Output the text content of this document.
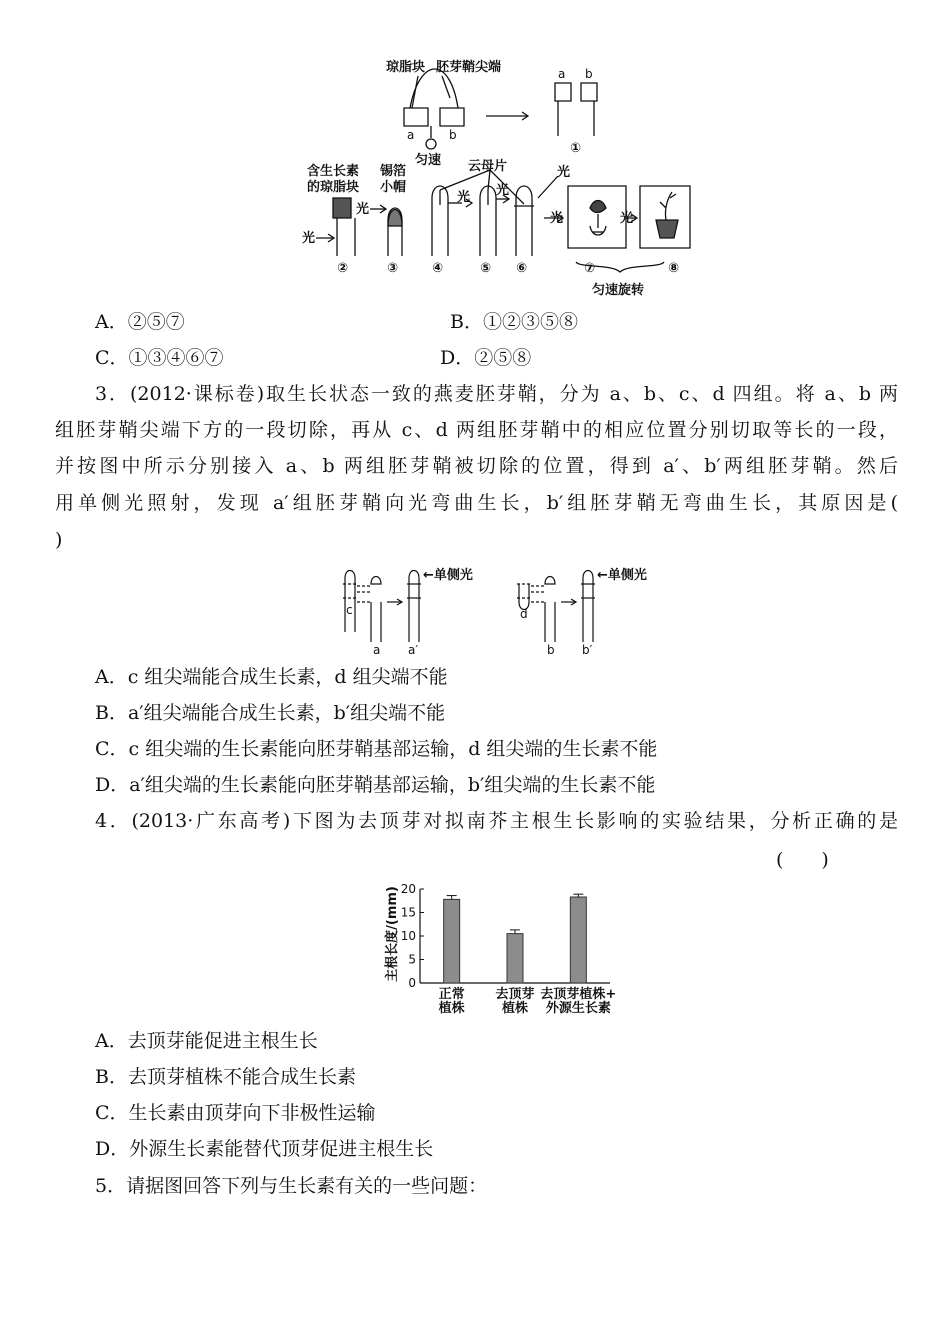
琼脂块 胚芽鞘尖端
a	b
匀速
a b
①
含生长素
的琼脂块
锡箔
小帽
云母片	光
光
光
光 光
光	光
②	③	④	⑤ ⑥	⑦	⑧
匀速旋转
A．②⑤⑦	B．①②③⑤⑧
C．①③④⑥⑦	D．②⑤⑧
3．(2012·课标卷)取生长状态一致的燕麦胚芽鞘，分为 a、b、c、d 四组。将 a、b 两
组胚芽鞘尖端下方的一段切除，再从 c、d 两组胚芽鞘中的相应位置分别切取等长的一段，
并按图中所示分别接入 a、b 两组胚芽鞘被切除的位置，得到 a′、b′两组胚芽鞘。然后
用单侧光照射，发现 a′组胚芽鞘向光弯曲生长，b′组胚芽鞘无弯曲生长，其原因是(
)
←单侧光	←单侧光
c
a a′
d
b b′
A．c 组尖端能合成生长素，d 组尖端不能
B．a′组尖端能合成生长素，b′组尖端不能
C．c 组尖端的生长素能向胚芽鞘基部运输，d 组尖端的生长素不能
D．a′组尖端的生长素能向胚芽鞘基部运输，b′组尖端的生长素不能
4．(2013·广东高考)下图为去顶芽对拟南芥主根生长影响的实验结果，分析正确的是
(　　)
主根长度/(mm)
0
5
10
15
20
正常
植株
去顶芽
植株
去顶芽植株+
外源生长素
A．去顶芽能促进主根生长
B．去顶芽植株不能合成生长素
C．生长素由顶芽向下非极性运输
D．外源生长素能替代顶芽促进主根生长
5．请据图回答下列与生长素有关的一些问题：
